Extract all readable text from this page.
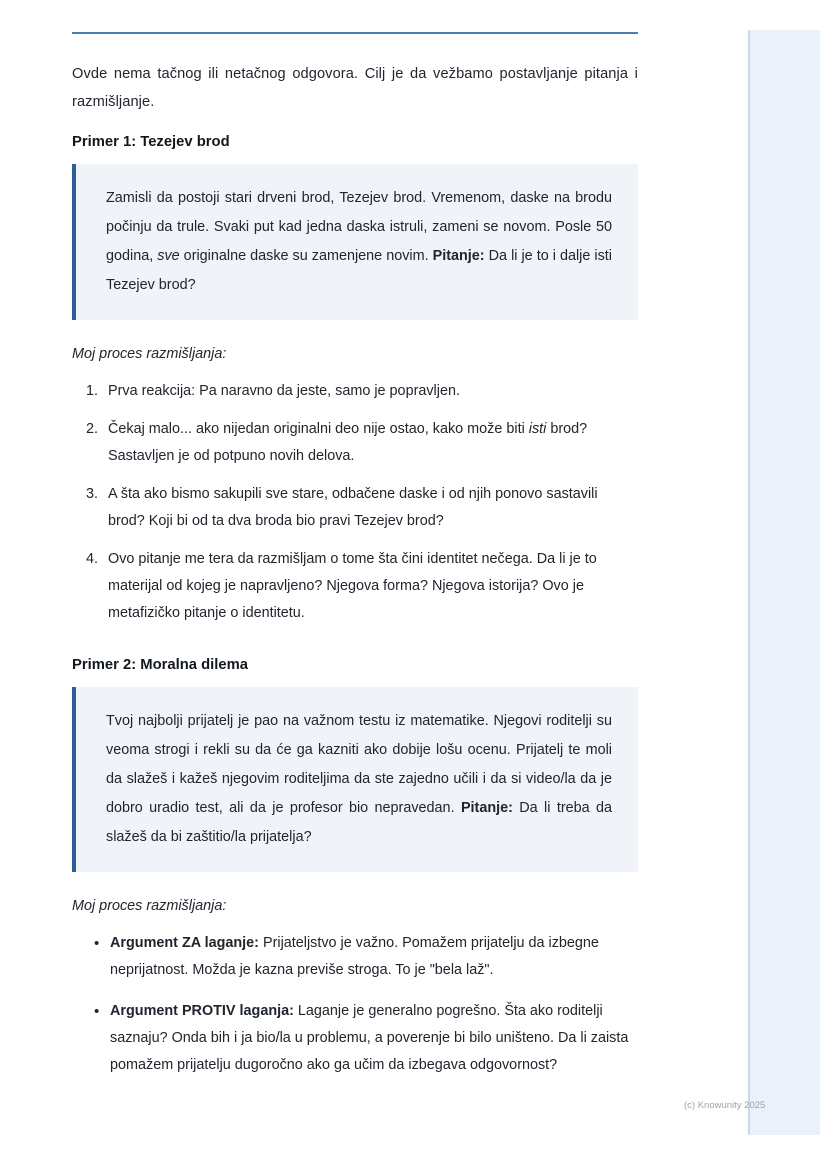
Ovde nema tačnog ili netačnog odgovora. Cilj je da vežbamo postavljanje pitanja i razmišljanje.

Primer 1: Tezejev brod

Zamisli da postoji stari drveni brod, Tezejev brod. Vremenom, daske na brodu počinju da trule. Svaki put kad jedna daska istruli, zameni se novom. Posle 50 godina, sve originalne daske su zamenjene novim. Pitanje: Da li je to i dalje isti Tezejev brod?

Moj proces razmišljanja:

1. Prva reakcija: Pa naravno da jeste, samo je popravljen.
2. Čekaj malo... ako nijedan originalni deo nije ostao, kako može biti isti brod? Sastavljen je od potpuno novih delova.
3. A šta ako bismo sakupili sve stare, odbačene daske i od njih ponovo sastavili brod? Koji bi od ta dva broda bio pravi Tezejev brod?
4. Ovo pitanje me tera da razmišljam o tome šta čini identitet nečega. Da li je to materijal od kojeg je napravljeno? Njegova forma? Njegova istorija? Ovo je metafizičko pitanje o identitetu.
Primer 2: Moralna dilema

Tvoj najbolji prijatelj je pao na važnom testu iz matematike. Njegovi roditelji su veoma strogi i rekli su da će ga kazniti ako dobije lošu ocenu. Prijatelj te moli da slažeš i kažeš njegovim roditeljima da ste zajedno učili i da si video/la da je dobro uradio test, ali da je profesor bio nepravedan. Pitanje: Da li treba da slažeš da bi zaštitio/la prijatelja?

Moj proces razmišljanja:

• Argument ZA laganje: Prijateljstvo je važno. Pomažem prijatelju da izbegne neprijatnost. Možda je kazna previše stroga. To je "bela laž".
• Argument PROTIV laganja: Laganje je generalno pogrešno. Šta ako roditelji saznaju? Onda bih i ja bio/la u problemu, a poverenje bi bilo uništeno. Da li zaista pomažem prijatelju dugoročno ako ga učim da izbegava odgovornost?
(c) Knowunity 2025
